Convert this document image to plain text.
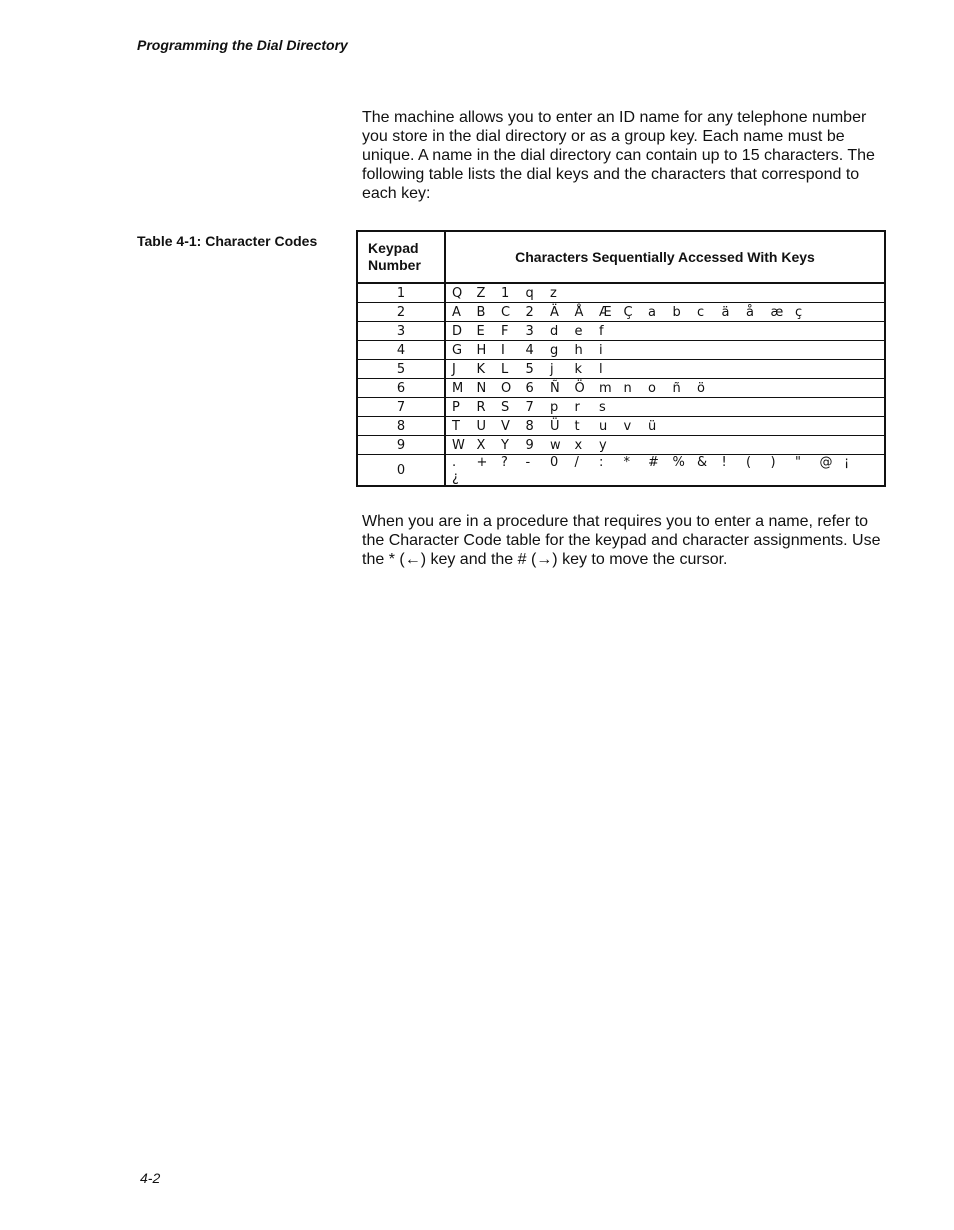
Programming the Dial Directory

The machine allows you to enter an ID name for any telephone number you store in the dial directory or as a group key. Each name must be unique. A name in the dial directory can contain up to 15 characters. The following table lists the dial keys and the characters that correspond to each key:

Table 4-1: Character Codes	Keypad Number	Characters Sequentially Accessed With Keys
1	Q Z 1 q z
2	A B C 2 Ä Å Æ Ç a b c ä å æ ç
3	D E F 3 d e f
4	G H I 4 g h i
5	J K L 5 j k l
6	M N O 6 Ñ Ö m n o ñ ö
7	P R S 7 p r s
8	T U V 8 Ü t u v ü
9	W X Y 9 w x y
0	. + ? - 0 / : * # % & ! ( ) " @ ¡¿

When you are in a procedure that requires you to enter a name, refer to the Character Code table for the keypad and character assignments. Use the * (←) key and the # (→) key to move the cursor.

4-2
